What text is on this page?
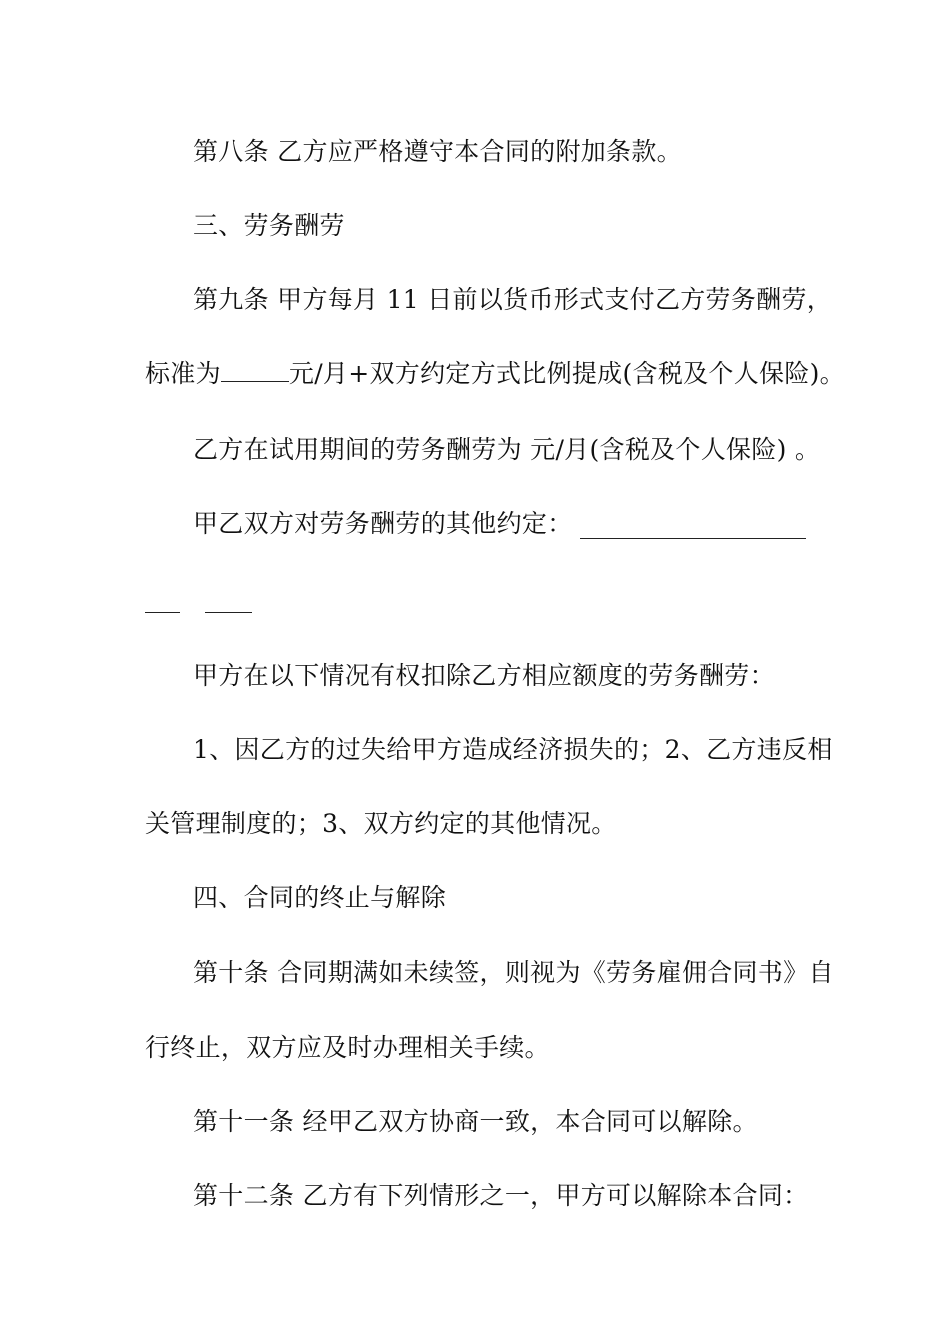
第八条 乙方应严格遵守本合同的附加条款。
三、劳务酬劳
第九条 甲方每月 11 日前以货币形式支付乙方劳务酬劳，
标准为	元/月+双方约定方式比例提成(含税及个人保险)。
乙方在试用期间的劳务酬劳为 元/月(含税及个人保险) 。
甲乙双方对劳务酬劳的其他约定：
甲方在以下情况有权扣除乙方相应额度的劳务酬劳：
1、因乙方的过失给甲方造成经济损失的；2、乙方违反相
关管理制度的；3、双方约定的其他情况。
四、合同的终止与解除
第十条 合同期满如未续签，则视为《劳务雇佣合同书》自
行终止，双方应及时办理相关手续。
第十一条 经甲乙双方协商一致，本合同可以解除。
第十二条 乙方有下列情形之一，甲方可以解除本合同：
